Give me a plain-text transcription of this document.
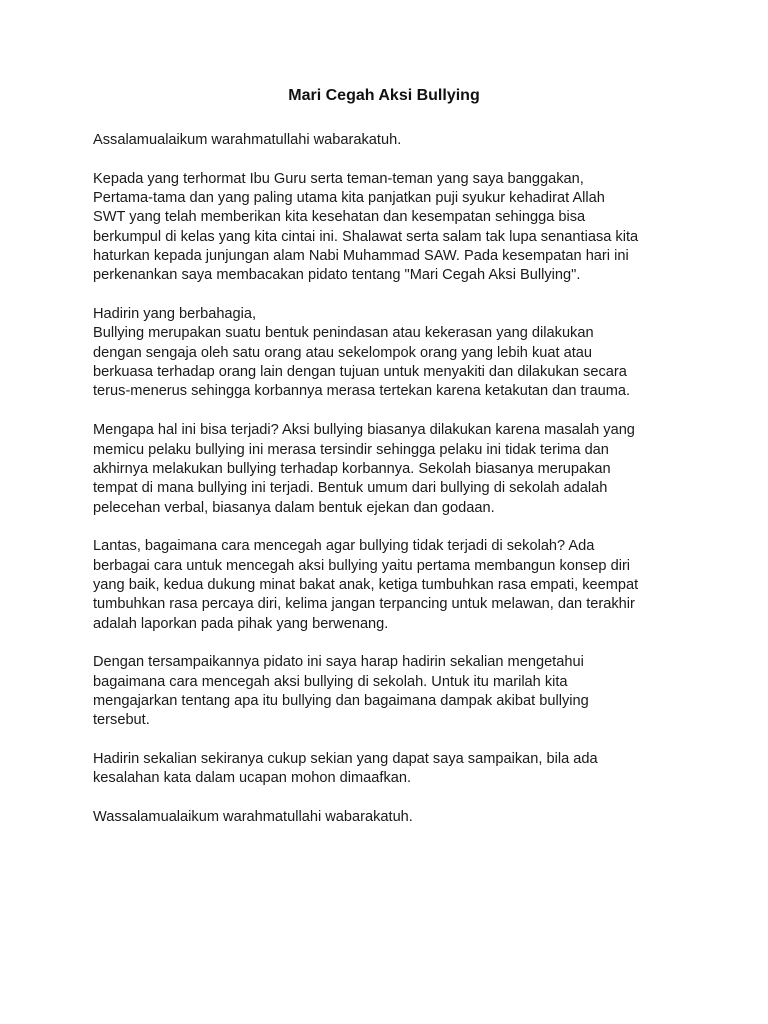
Mari Cegah Aksi Bullying

Assalamualaikum warahmatullahi wabarakatuh.

Kepada yang terhormat Ibu Guru serta teman-teman yang saya banggakan,
Pertama-tama dan yang paling utama kita panjatkan puji syukur kehadirat Allah
SWT yang telah memberikan kita kesehatan dan kesempatan sehingga bisa
berkumpul di kelas yang kita cintai ini. Shalawat serta salam tak lupa senantiasa kita
haturkan kepada junjungan alam Nabi Muhammad SAW. Pada kesempatan hari ini
perkenankan saya membacakan pidato tentang "Mari Cegah Aksi Bullying".

Hadirin yang berbahagia,
Bullying merupakan suatu bentuk penindasan atau kekerasan yang dilakukan
dengan sengaja oleh satu orang atau sekelompok orang yang lebih kuat atau
berkuasa terhadap orang lain dengan tujuan untuk menyakiti dan dilakukan secara
terus-menerus sehingga korbannya merasa tertekan karena ketakutan dan trauma.

Mengapa hal ini bisa terjadi? Aksi bullying biasanya dilakukan karena masalah yang
memicu pelaku bullying ini merasa tersindir sehingga pelaku ini tidak terima dan
akhirnya melakukan bullying terhadap korbannya. Sekolah biasanya merupakan
tempat di mana bullying ini terjadi. Bentuk umum dari bullying di sekolah adalah
pelecehan verbal, biasanya dalam bentuk ejekan dan godaan.

Lantas, bagaimana cara mencegah agar bullying tidak terjadi di sekolah? Ada
berbagai cara untuk mencegah aksi bullying yaitu pertama membangun konsep diri
yang baik, kedua dukung minat bakat anak, ketiga tumbuhkan rasa empati, keempat
tumbuhkan rasa percaya diri, kelima jangan terpancing untuk melawan, dan terakhir
adalah laporkan pada pihak yang berwenang.

Dengan tersampaikannya pidato ini saya harap hadirin sekalian mengetahui
bagaimana cara mencegah aksi bullying di sekolah. Untuk itu marilah kita
mengajarkan tentang apa itu bullying dan bagaimana dampak akibat bullying
tersebut.

Hadirin sekalian sekiranya cukup sekian yang dapat saya sampaikan, bila ada
kesalahan kata dalam ucapan mohon dimaafkan.

Wassalamualaikum warahmatullahi wabarakatuh.
